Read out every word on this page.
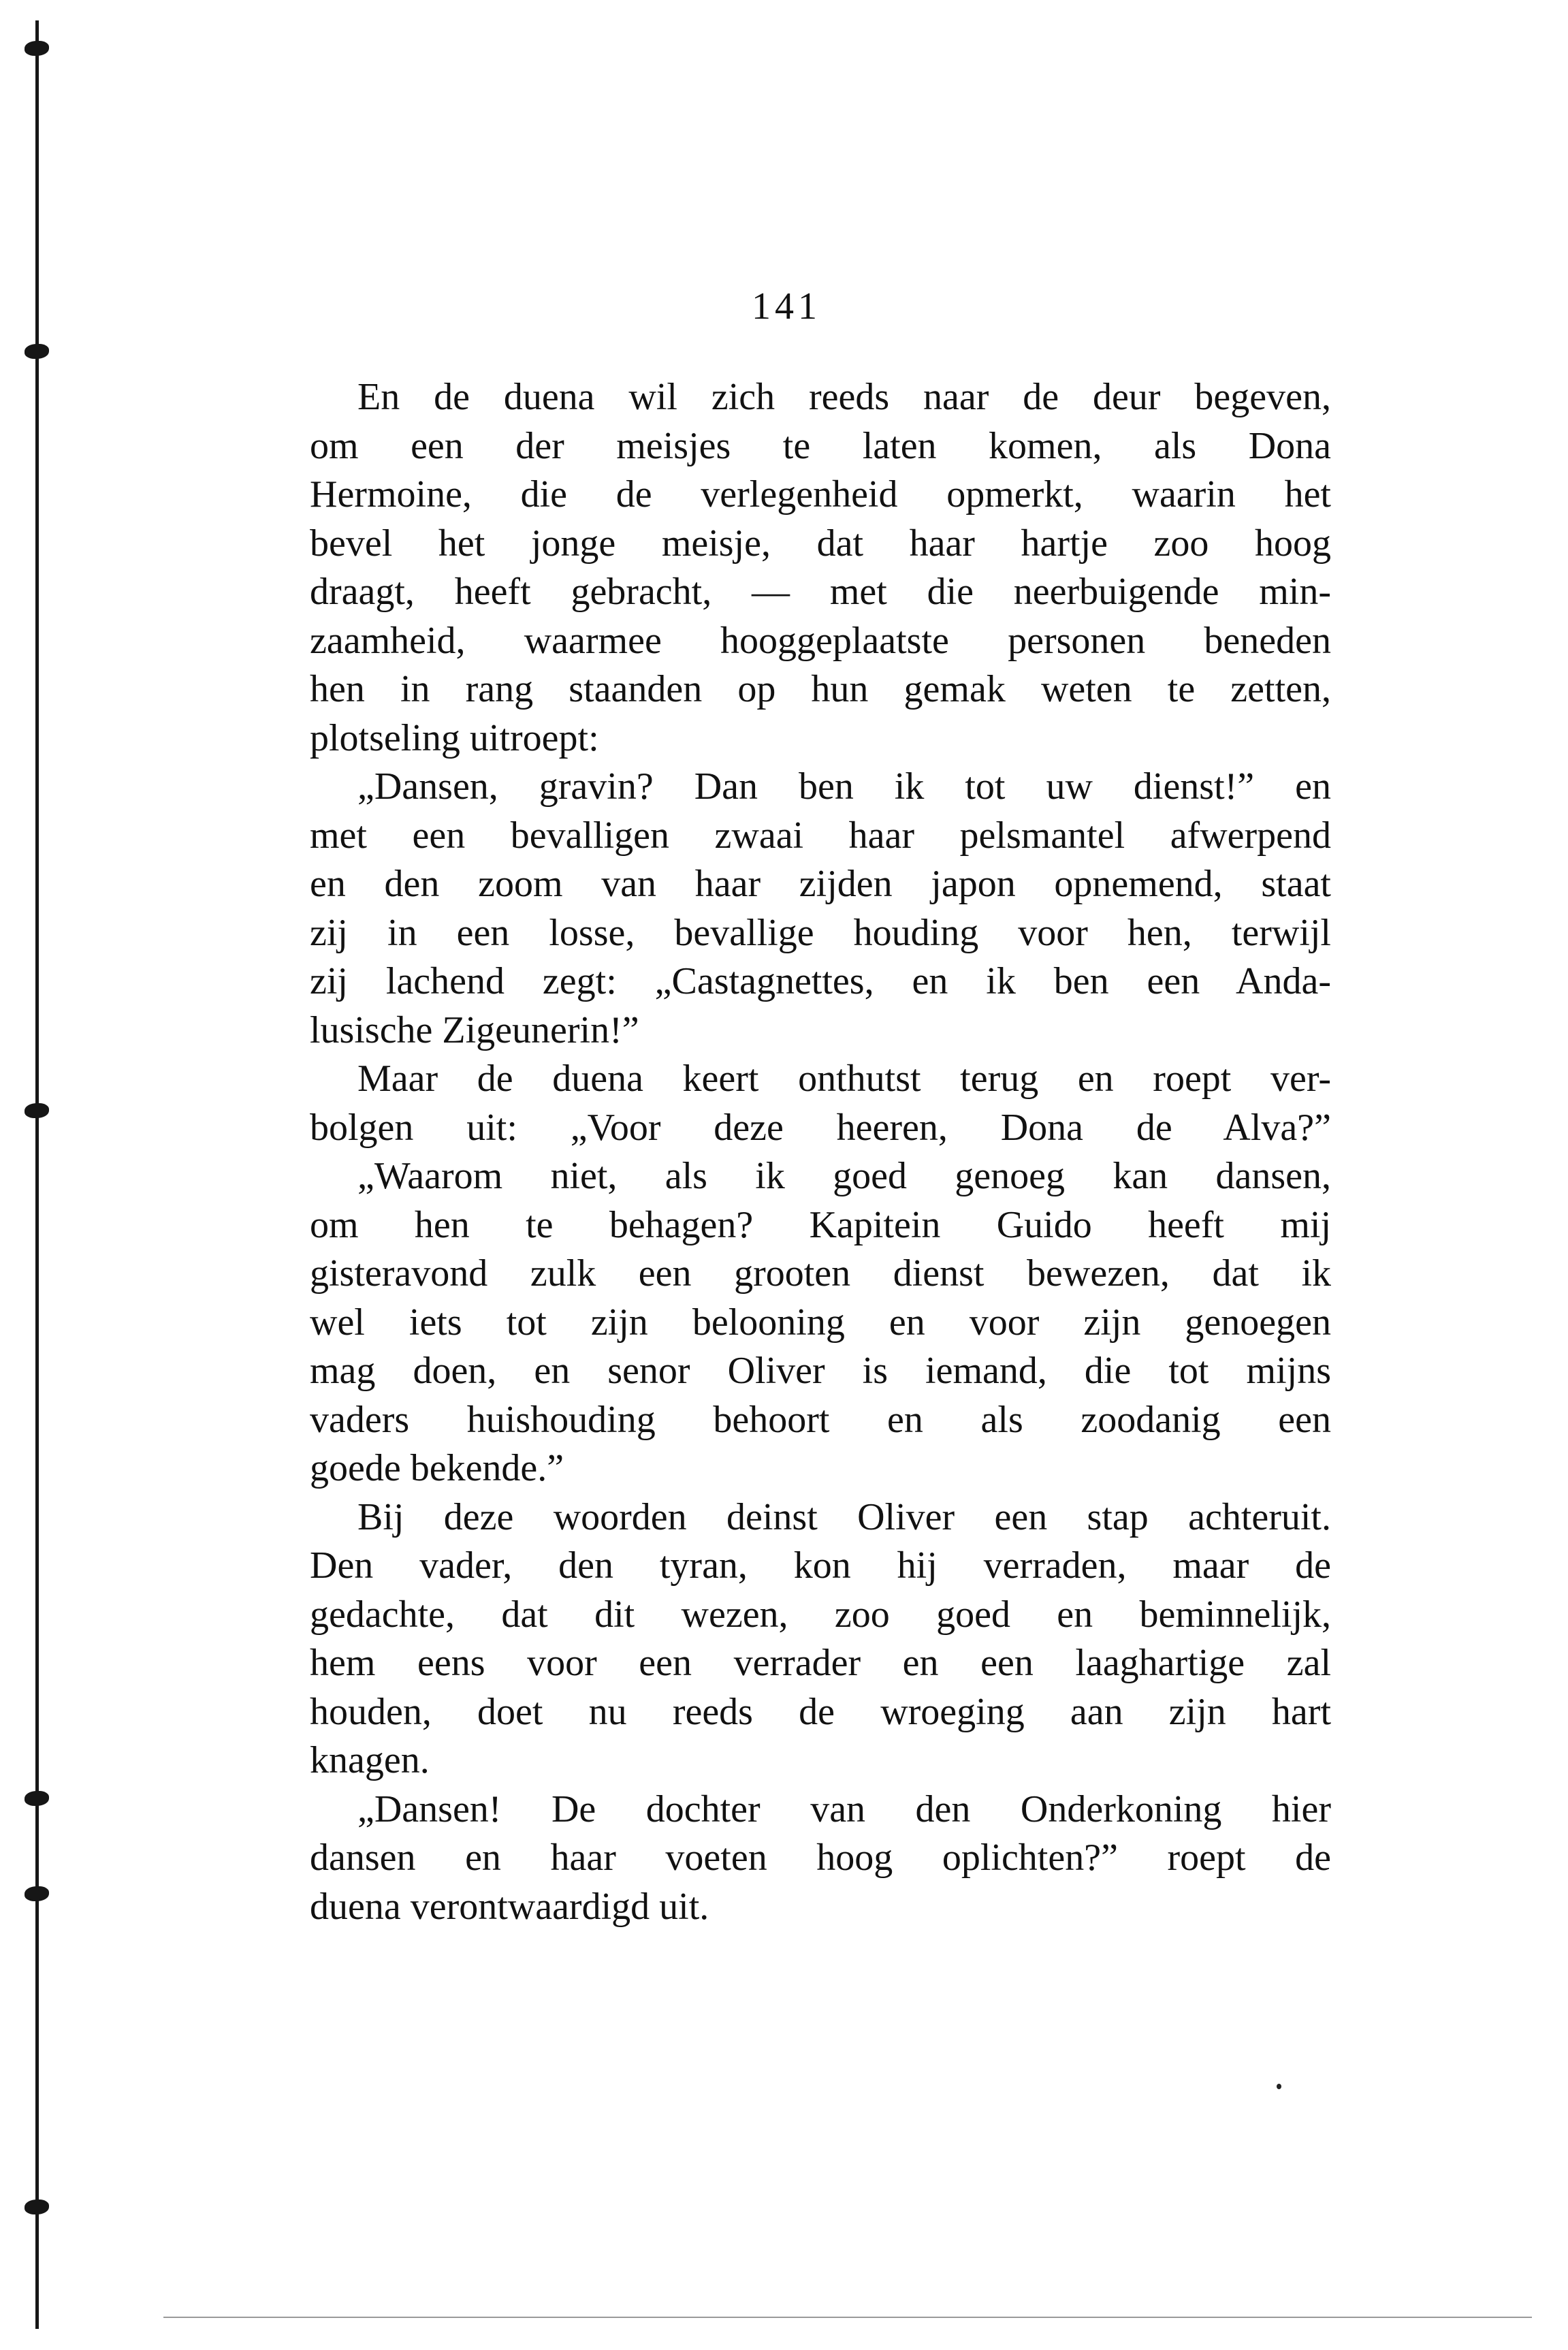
141
En de duena wil zich reeds naar de deur begeven,
om een der meisjes te laten komen, als Dona
Hermoine, die de verlegenheid opmerkt, waarin het
bevel het jonge meisje, dat haar hartje zoo hoog
draagt, heeft gebracht, — met die neerbuigende min-
zaamheid, waarmee hooggeplaatste personen beneden
hen in rang staanden op hun gemak weten te zetten,
plotseling uitroept:
„Dansen, gravin? Dan ben ik tot uw dienst!” en
met een bevalligen zwaai haar pelsmantel afwerpend
en den zoom van haar zijden japon opnemend, staat
zij in een losse, bevallige houding voor hen, terwijl
zij lachend zegt: „Castagnettes, en ik ben een Anda-
lusische Zigeunerin!”
Maar de duena keert onthutst terug en roept ver-
bolgen uit: „Voor deze heeren, Dona de Alva?”
„Waarom niet, als ik goed genoeg kan dansen,
om hen te behagen? Kapitein Guido heeft mij
gisteravond zulk een grooten dienst bewezen, dat ik
wel iets tot zijn belooning en voor zijn genoegen
mag doen, en senor Oliver is iemand, die tot mijns
vaders huishouding behoort en als zoodanig een
goede bekende.”
Bij deze woorden deinst Oliver een stap achteruit.
Den vader, den tyran, kon hij verraden, maar de
gedachte, dat dit wezen, zoo goed en beminnelijk,
hem eens voor een verrader en een laaghartige zal
houden, doet nu reeds de wroeging aan zijn hart
knagen.
„Dansen! De dochter van den Onderkoning hier
dansen en haar voeten hoog oplichten?” roept de
duena verontwaardigd uit.
